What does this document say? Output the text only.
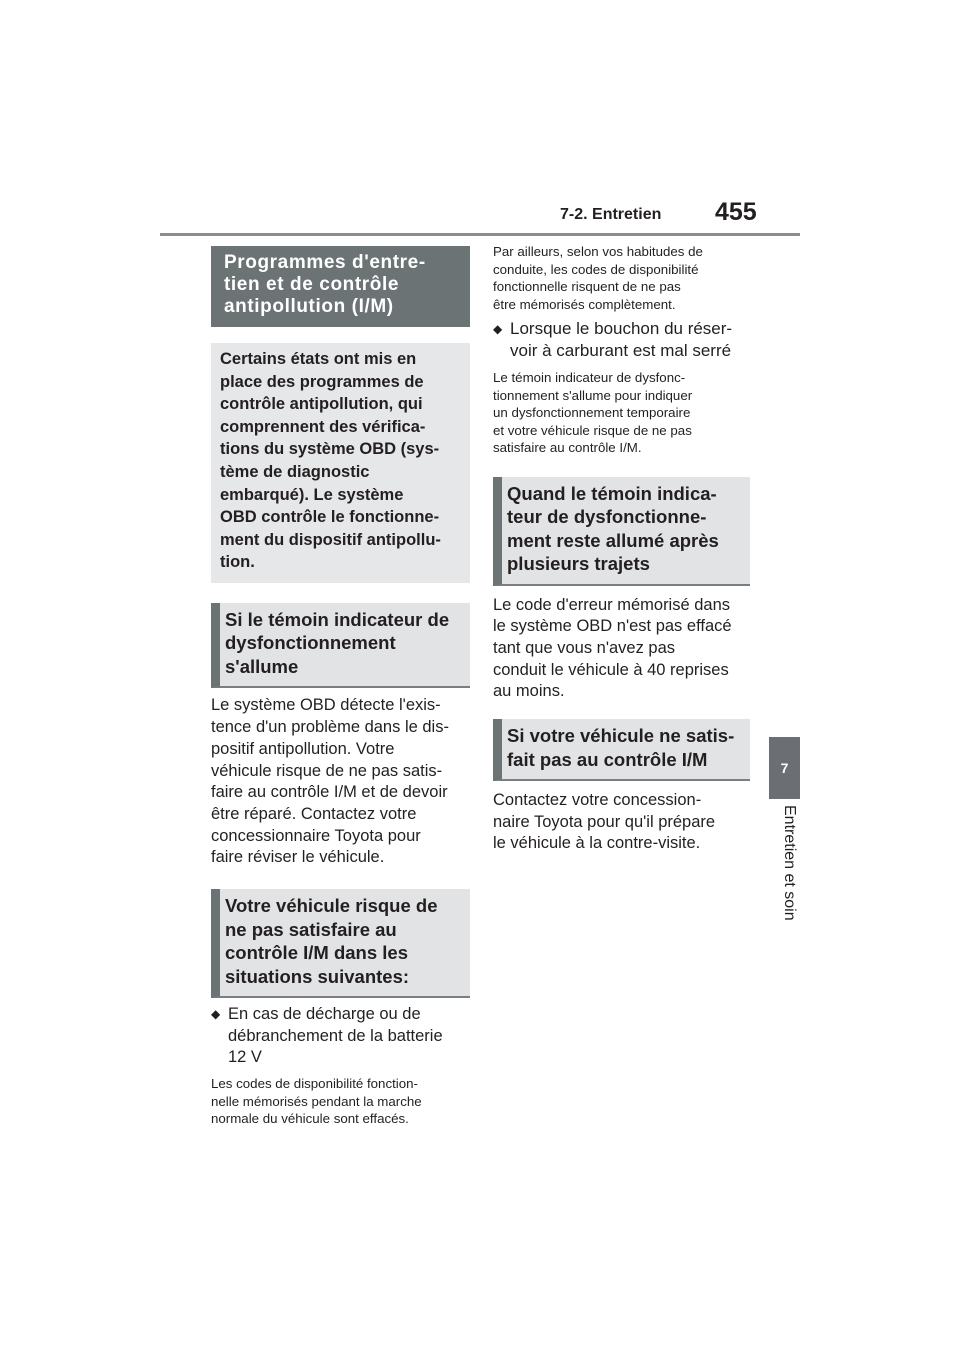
7-2. Entretien 455
7
Entretien et soin
Programmes d'entre-
tien et de contrôle
antipollution (I/M)
Certains états ont mis en
place des programmes de
contrôle antipollution, qui
comprennent des vérifica-
tions du système OBD (sys-
tème de diagnostic
embarqué). Le système
OBD contrôle le fonctionne-
ment du dispositif antipollu-
tion.
Si le témoin indicateur de
dysfonctionnement
s'allume
Le système OBD détecte l'exis-
tence d'un problème dans le dis-
positif antipollution. Votre
véhicule risque de ne pas satis-
faire au contrôle I/M et de devoir
être réparé. Contactez votre
concessionnaire Toyota pour
faire réviser le véhicule.
Votre véhicule risque de
ne pas satisfaire au
contrôle I/M dans les
situations suivantes:
◆ En cas de décharge ou de
débranchement de la batterie
12 V
Les codes de disponibilité fonction-
nelle mémorisés pendant la marche
normale du véhicule sont effacés.
Par ailleurs, selon vos habitudes de
conduite, les codes de disponibilité
fonctionnelle risquent de ne pas
être mémorisés complètement.
◆ Lorsque le bouchon du réser-
voir à carburant est mal serré
Le témoin indicateur de dysfonc-
tionnement s'allume pour indiquer
un dysfonctionnement temporaire
et votre véhicule risque de ne pas
satisfaire au contrôle I/M.
Quand le témoin indica-
teur de dysfonctionne-
ment reste allumé après
plusieurs trajets
Le code d'erreur mémorisé dans
le système OBD n'est pas effacé
tant que vous n'avez pas
conduit le véhicule à 40 reprises
au moins.
Si votre véhicule ne satis-
fait pas au contrôle I/M
Contactez votre concession-
naire Toyota pour qu'il prépare
le véhicule à la contre-visite.
